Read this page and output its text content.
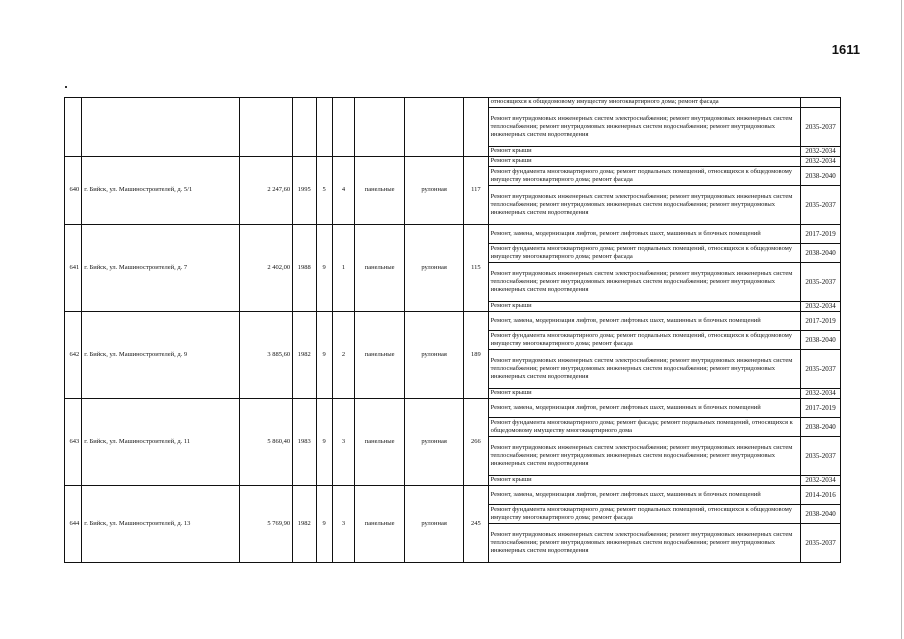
1611
									относящихся к общедомовому имуществу многоквартирного дома; ремонт фасада	
									Ремонт внутридомовых инженерных систем электроснабжения; ремонт внутридомовых инженерных систем теплоснабжения; ремонт внутридомовых инженерных систем водоснабжения; ремонт внутридомовых инженерных систем водоотведения	2035-2037
									Ремонт крыши	2032-2034
640	г. Бийск, ул. Машиностроителей, д. 5/1	2 247,60	1995	5	4	панельные	рулонная	117	Ремонт крыши	2032-2034
									Ремонт фундамента многоквартирного дома; ремонт подвальных помещений, относящихся к общедомовому имуществу многоквартирного дома; ремонт фасада	2038-2040
									Ремонт внутридомовых инженерных систем электроснабжения; ремонт внутридомовых инженерных систем теплоснабжения; ремонт внутридомовых инженерных систем водоснабжения; ремонт внутридомовых инженерных систем водоотведения	2035-2037
641	г. Бийск, ул. Машиностроителей, д. 7	2 402,00	1988	9	1	панельные	рулонная	115	Ремонт, замена, модернизация лифтов, ремонт лифтовых шахт, машинных и блочных помещений	2017-2019
									Ремонт фундамента многоквартирного дома; ремонт подвальных помещений, относящихся к общедомовому имуществу многоквартирного дома; ремонт фасада	2038-2040
									Ремонт внутридомовых инженерных систем электроснабжения; ремонт внутридомовых инженерных систем теплоснабжения; ремонт внутридомовых инженерных систем водоснабжения; ремонт внутридомовых инженерных систем водоотведения	2035-2037
									Ремонт крыши	2032-2034
642	г. Бийск, ул. Машиностроителей, д. 9	3 885,60	1982	9	2	панельные	рулонная	189	Ремонт, замена, модернизация лифтов, ремонт лифтовых шахт, машинных и блочных помещений	2017-2019
									Ремонт фундамента многоквартирного дома; ремонт подвальных помещений, относящихся к общедомовому имуществу многоквартирного дома; ремонт фасада	2038-2040
									Ремонт внутридомовых инженерных систем электроснабжения; ремонт внутридомовых инженерных систем теплоснабжения; ремонт внутридомовых инженерных систем водоснабжения; ремонт внутридомовых инженерных систем водоотведения	2035-2037
									Ремонт крыши	2032-2034
643	г. Бийск, ул. Машиностроителей, д. 11	5 860,40	1983	9	3	панельные	рулонная	266	Ремонт, замена, модернизация лифтов, ремонт лифтовых шахт, машинных и блочных помещений	2017-2019
									Ремонт фундамента многоквартирного дома; ремонт фасада; ремонт подвальных помещений, относящихся к общедомовому имуществу многоквартирного дома	2038-2040
									Ремонт внутридомовых инженерных систем электроснабжения; ремонт внутридомовых инженерных систем теплоснабжения; ремонт внутридомовых инженерных систем водоснабжения; ремонт внутридомовых инженерных систем водоотведения	2035-2037
									Ремонт крыши	2032-2034
644	г. Бийск, ул. Машиностроителей, д. 13	5 769,90	1982	9	3	панельные	рулонная	245	Ремонт, замена, модернизация лифтов, ремонт лифтовых шахт, машинных и блочных помещений	2014-2016
									Ремонт фундамента многоквартирного дома; ремонт подвальных помещений, относящихся к общедомовому имуществу многоквартирного дома; ремонт фасада	2038-2040
									Ремонт внутридомовых инженерных систем электроснабжения; ремонт внутридомовых инженерных систем теплоснабжения; ремонт внутридомовых инженерных систем водоснабжения; ремонт внутридомовых инженерных систем водоотведения	2035-2037
